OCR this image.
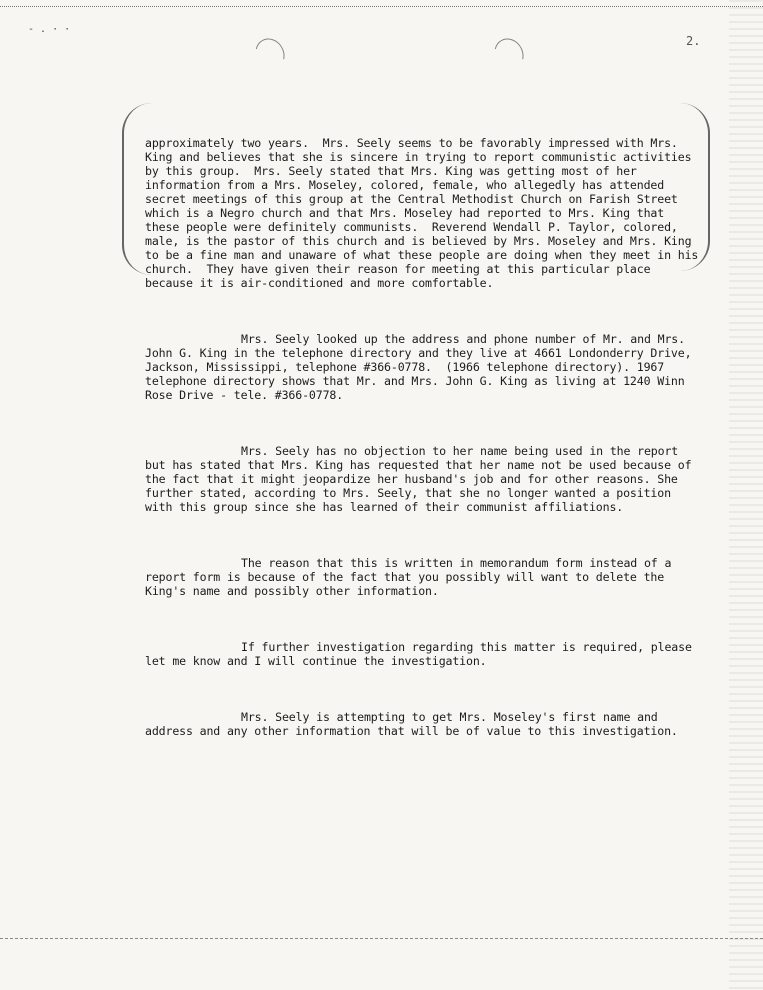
- . · ·
2.

approximately two years.  Mrs. Seely seems to be favorably impressed with Mrs. King and believes that she is sincere in trying to report communistic activities by this group.  Mrs. Seely stated that Mrs. King was getting most of her information from a Mrs. Moseley, colored, female, who allegedly has attended secret meetings of this group at the Central Methodist Church on Farish Street which is a Negro church and that Mrs. Moseley had reported to Mrs. King that these people were definitely communists.  Reverend Wendall P. Taylor, colored, male, is the pastor of this church and is believed by Mrs. Moseley and Mrs. King to be a fine man and unaware of what these people are doing when they meet in his church.  They have given their reason for meeting at this particular place because it is air-conditioned and more comfortable.

Mrs. Seely looked up the address and phone number of Mr. and Mrs. John G. King in the telephone directory and they live at 4661 Londonderry Drive, Jackson, Mississippi, telephone #366-0778.  (1966 telephone directory). 1967 telephone directory shows that Mr. and Mrs. John G. King as living at 1240 Winn Rose Drive - tele. #366-0778.

Mrs. Seely has no objection to her name being used in the report but has stated that Mrs. King has requested that her name not be used because of the fact that it might jeopardize her husband's job and for other reasons. She further stated, according to Mrs. Seely, that she no longer wanted a position with this group since she has learned of their communist affiliations.

The reason that this is written in memorandum form instead of a report form is because of the fact that you possibly will want to delete the King's name and possibly other information.

If further investigation regarding this matter is required, please let me know and I will continue the investigation.

Mrs. Seely is attempting to get Mrs. Moseley's first name and address and any other information that will be of value to this investigation.
